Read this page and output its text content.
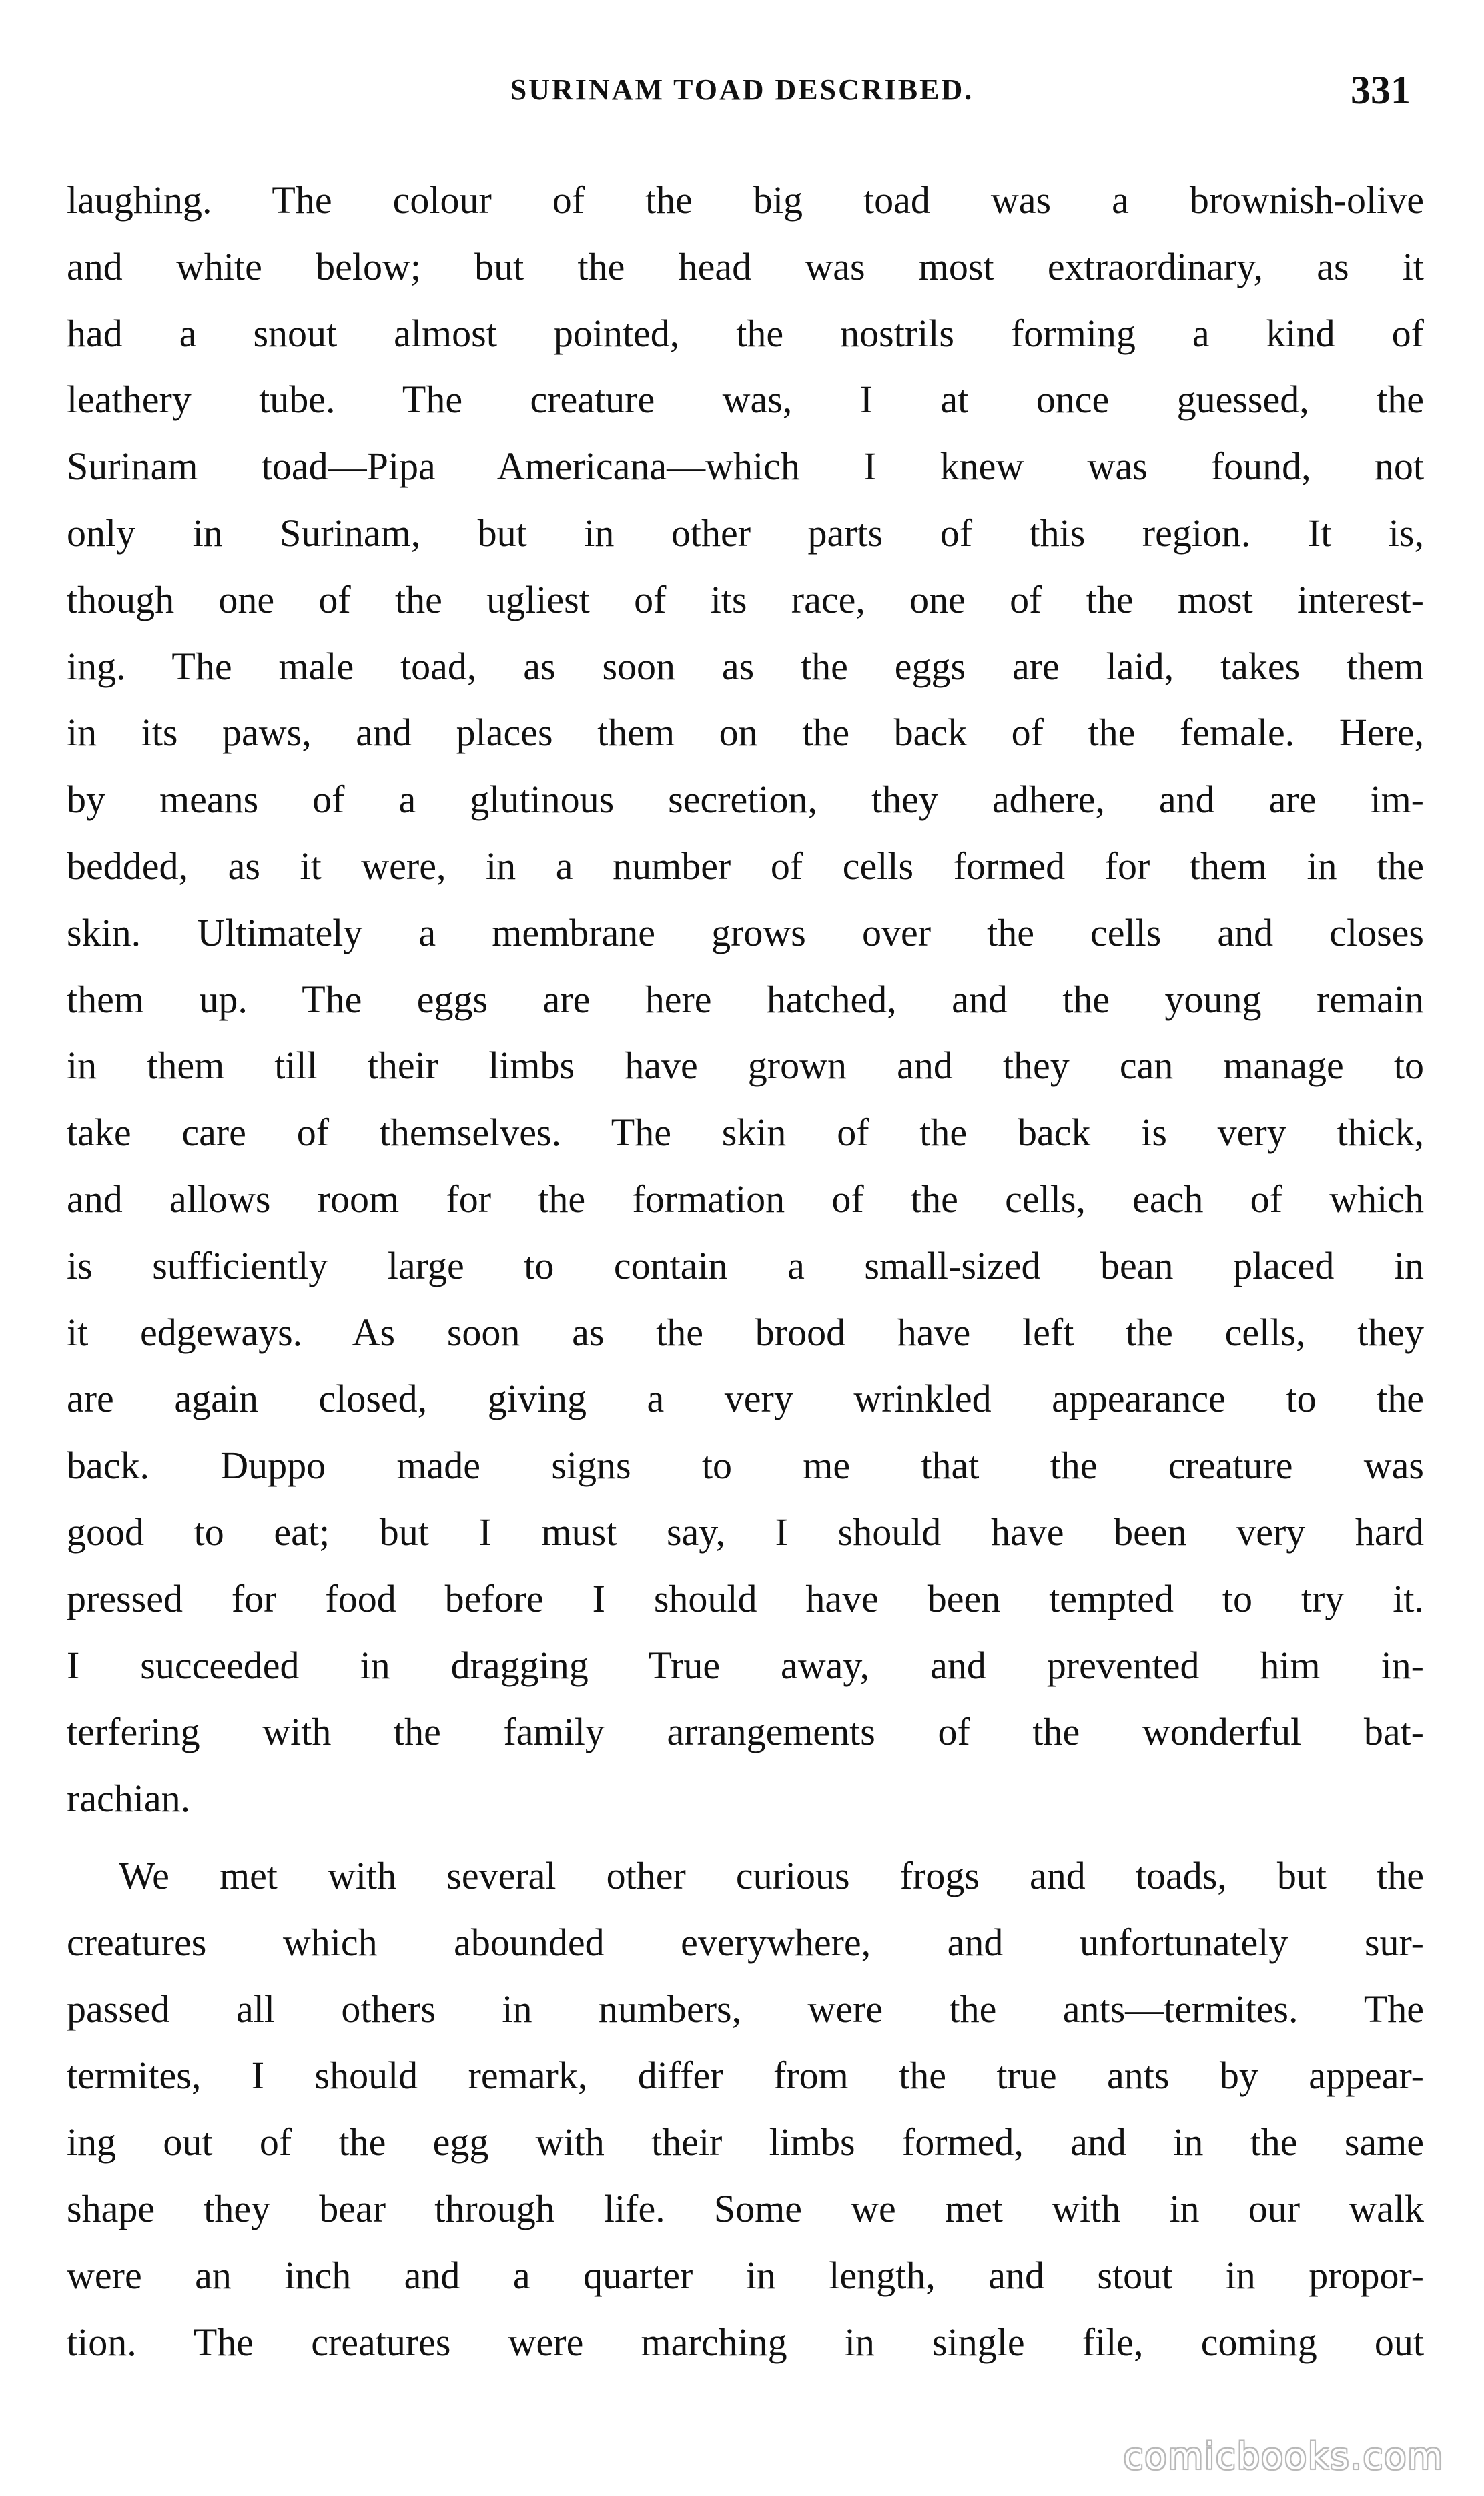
SURINAM TOAD DESCRIBED.	331
laughing. The colour of the big toad was a brownish-olive
and white below; but the head was most extraordinary, as it
had a snout almost pointed, the nostrils forming a kind of
leathery tube. The creature was, I at once guessed, the
Surinam toad—Pipa Americana—which I knew was found, not
only in Surinam, but in other parts of this region. It is,
though one of the ugliest of its race, one of the most interest-
ing. The male toad, as soon as the eggs are laid, takes them
in its paws, and places them on the back of the female. Here,
by means of a glutinous secretion, they adhere, and are im-
bedded, as it were, in a number of cells formed for them in the
skin. Ultimately a membrane grows over the cells and closes
them up. The eggs are here hatched, and the young remain
in them till their limbs have grown and they can manage to
take care of themselves. The skin of the back is very thick,
and allows room for the formation of the cells, each of which
is sufficiently large to contain a small-sized bean placed in
it edgeways. As soon as the brood have left the cells, they
are again closed, giving a very wrinkled appearance to the
back. Duppo made signs to me that the creature was
good to eat; but I must say, I should have been very hard
pressed for food before I should have been tempted to try it.
I succeeded in dragging True away, and prevented him in-
terfering with the family arrangements of the wonderful bat-
rachian.
We met with several other curious frogs and toads, but the
creatures which abounded everywhere, and unfortunately sur-
passed all others in numbers, were the ants—termites. The
termites, I should remark, differ from the true ants by appear-
ing out of the egg with their limbs formed, and in the same
shape they bear through life. Some we met with in our walk
were an inch and a quarter in length, and stout in propor-
tion. The creatures were marching in single file, coming out
comicbooks.com
